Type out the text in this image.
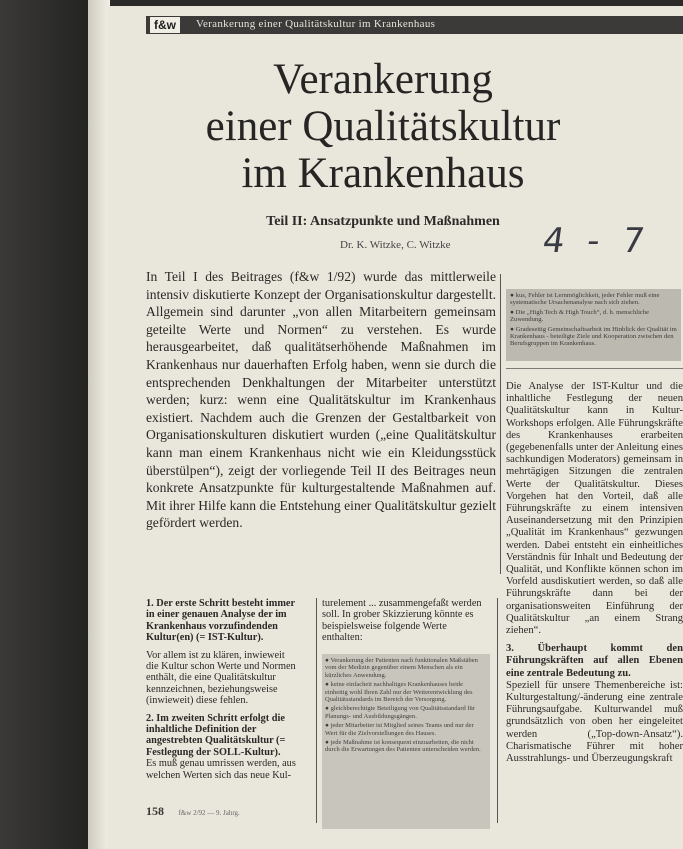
f&w	Verankerung einer Qualitätskultur im Krankenhaus
Verankerung
einer Qualitätskultur
im Krankenhaus
Teil II: Ansatzpunkte und Maßnahmen
Dr. K. Witzke, C. Witzke	4 - 7
In Teil I des Beitrages (f&w 1/92) wurde das mittlerweile intensiv diskutierte Konzept der Organisationskultur dargestellt. Allgemein sind darunter „von allen Mitarbeitern gemeinsam geteilte Werte und Normen“ zu verstehen. Es wurde herausgearbeitet, daß qualitätserhöhende Maßnahmen im Krankenhaus nur dauerhaften Erfolg haben, wenn sie durch die entsprechenden Denkhaltungen der Mitarbeiter unterstützt werden; kurz: wenn eine Qualitätskultur im Krankenhaus existiert. Nachdem auch die Grenzen der Gestaltbarkeit von Organisationskulturen diskutiert wurden („eine Qualitätskultur kann man einem Krankenhaus nicht wie ein Kleidungsstück überstülpen“), zeigt der vorliegende Teil II des Beitrages neun konkrete Ansatzpunkte für kulturgestaltende Maßnahmen auf. Mit ihrer Hilfe kann die Entstehung einer Qualitätskultur gezielt gefördert werden.
● kus, Fehler ist Lernmöglichkeit, jeder Fehler muß eine systematische Ursachenanalyse nach sich ziehen.
● Die „High Tech & High Touch“, d. h. menschliche Zuwendung.
● Gradeseitig Gemeinschaftsarbeit im Hinblick der Qualität im Krankenhaus - beteiligte Ziele und Kooperation zwischen den Berufsgruppen im Krankenhaus.
Die Analyse der IST-Kultur und die inhaltliche Festlegung der neuen Qualitätskultur kann in Kultur-Workshops erfolgen. Alle Führungskräfte des Krankenhauses erarbeiten (gegebenenfalls unter der Anleitung eines sachkundigen Moderators) gemeinsam in mehrtägigen Sitzungen die zentralen Werte der Qualitätskultur. Dieses Vorgehen hat den Vorteil, daß alle Führungskräfte zu einem intensiven Auseinandersetzung mit den Prinzipien „Qualität im Krankenhaus“ gezwungen werden. Dabei entsteht ein einheitliches Verständnis für Inhalt und Bedeutung der Qualität, und Konflikte können schon im Vorfeld ausdiskutiert werden, so daß alle Führungskräfte dann bei der organisationsweiten Einführung der Qualitätskultur „an einem Strang ziehen“.
3. Überhaupt kommt den Führungskräften auf allen Ebenen eine zentrale Bedeutung zu.
Speziell für unsere Themenbereiche ist: Kulturgestaltung/-änderung eine zentrale Führungsaufgabe. Kulturwandel muß grundsätzlich von oben her eingeleitet werden („Top-down-Ansatz“). Charismatische Führer mit hoher Ausstrahlungs- und Überzeugungskraft
1. Der erste Schritt besteht immer in einer genauen Analyse der im Krankenhaus vorzufindenden Kultur(en) (= IST-Kultur).
Vor allem ist zu klären, inwieweit die Kultur schon Werte und Normen enthält, die eine Qualitätskultur kennzeichnen, beziehungsweise (inwieweit) diese fehlen.
2. Im zweiten Schritt erfolgt die inhaltliche Definition der angestrebten Qualitätskultur (= Festlegung der SOLL-Kultur).
Es muß genau umrissen werden, aus welchen Werten sich das neue Kul-
turelement ... zusammengefaßt werden soll. In grober Skizzierung könnte es beispielsweise folgende Werte enthalten:
● Verankerung der Patienten nach funktionalen Maßstäben vom der Medizin gegenüber einem Menschen als ein kürzliches Anwendung.
● keine einfacheit nachhaltiges Krankenhauses beide einheitig wohl Ihren Zahl nur der Weiterentwicklung des Qualitätsstandards im Bereich der Versorgung.
● gleichberechtigte Beteiligung von Qualitätsstandard für Planungs- und Ausbildungsgängen.
● jeder Mitarbeiter ist Mitglied seines Teams und nur der Wert für die Zielvorstellungen des Hauses.
● jede Maßnahme ist konsequent einzuarbeiten, die nicht durch die Erwartungen des Patienten unterscheiden werden.
158 f&w 2/92 — 9. Jahrg.
